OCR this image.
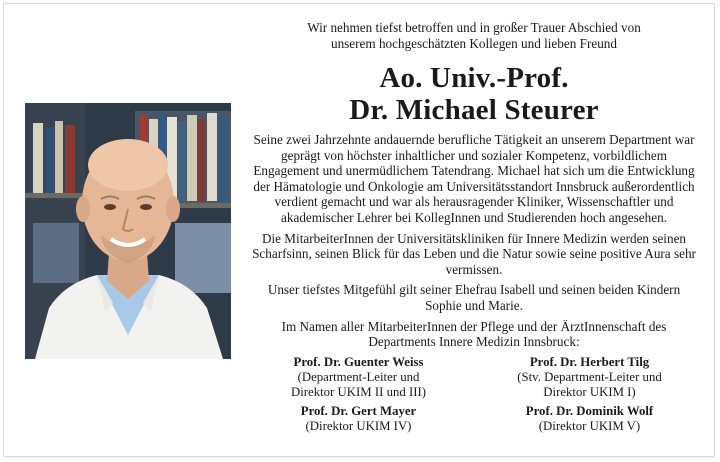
Wir nehmen tiefst betroffen und in großer Trauer Abschied von

unserem hochgeschätzten Kollegen und lieben Freund

Ao. Univ.-Prof.
Dr. Michael Steurer

Seine zwei Jahrzehnte andauernde berufliche Tätigkeit an unserem Department war geprägt von höchster inhaltlicher und sozialer Kompetenz, vorbildlichem Engagement und unermüdlichem Tatendrang. Michael hat sich um die Entwicklung der Hämatologie und Onkologie am Universitätsstandort Innsbruck außerordentlich verdient gemacht und war als herausragender Kliniker, Wissenschaftler und akademischer Lehrer bei KollegInnen und Studierenden hoch angesehen.

Die MitarbeiterInnen der Universitätskliniken für Innere Medizin werden seinen Scharfsinn, seinen Blick für das Leben und die Natur sowie seine positive Aura sehr vermissen.

Unser tiefstes Mitgefühl gilt seiner Ehefrau Isabell und seinen beiden Kindern Sophie und Marie.

Im Namen aller MitarbeiterInnen der Pflege und der ÄrztInnenschaft des Departments Innere Medizin Innsbruck:

Prof. Dr. Guenter Weiss
(Department-Leiter und
Direktor UKIM II und III)
Prof. Dr. Herbert Tilg
(Stv. Department-Leiter und
Direktor UKIM I)
Prof. Dr. Gert Mayer
(Direktor UKIM IV)
Prof. Dr. Dominik Wolf
(Direktor UKIM V)
